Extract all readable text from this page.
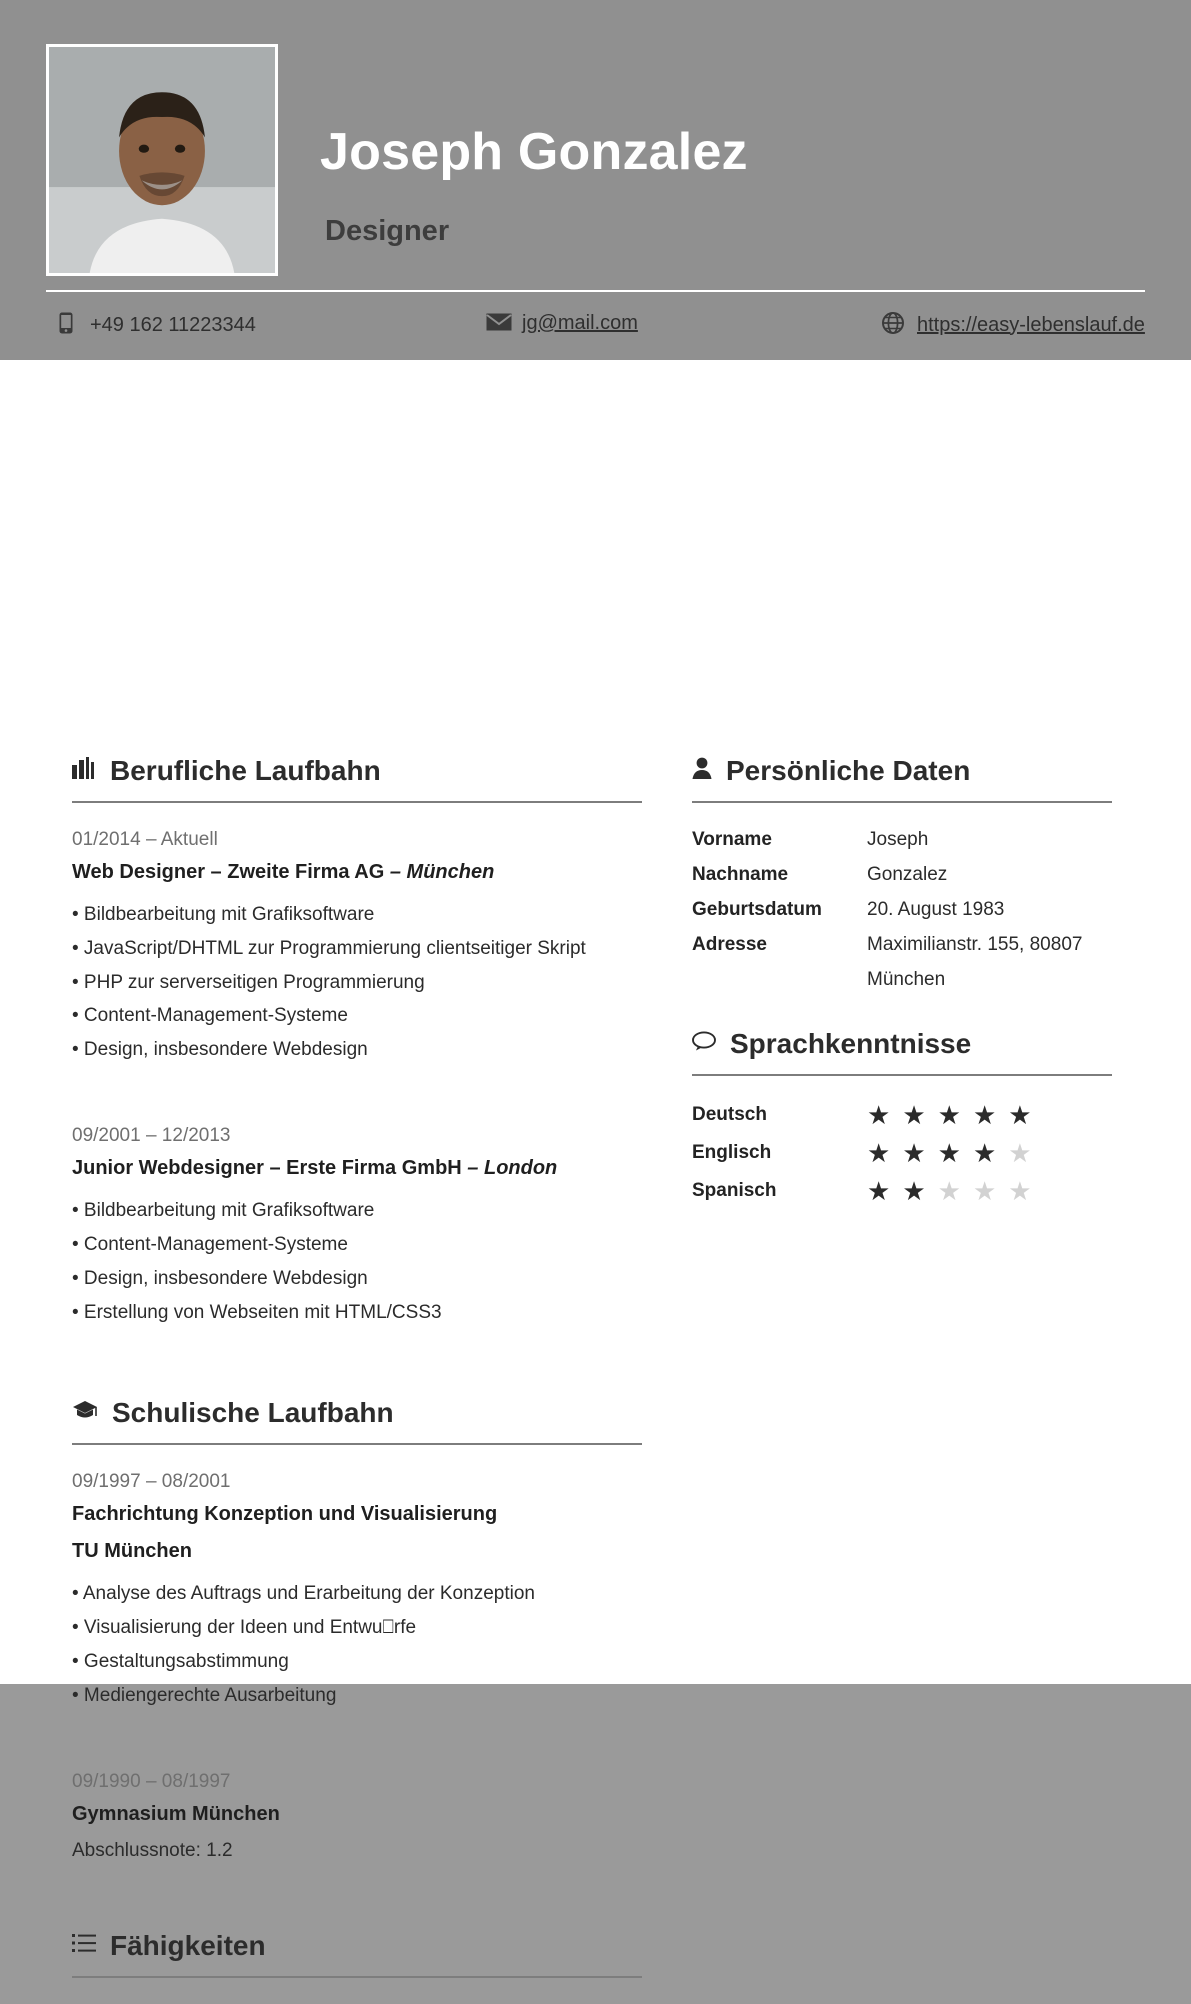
Joseph Gonzalez
Designer
+49 162 11223344	jg@mail.com	https://easy-lebenslauf.de
Berufliche Laufbahn
01/2014 – Aktuell
Web Designer – Zweite Firma AG – München
• Bildbearbeitung mit Grafiksoftware
• JavaScript/DHTML zur Programmierung clientseitiger Skript
• PHP zur serverseitigen Programmierung
• Content-Management-Systeme
• Design, insbesondere Webdesign
09/2001 – 12/2013
Junior Webdesigner – Erste Firma GmbH – London
• Bildbearbeitung mit Grafiksoftware
• Content-Management-Systeme
• Design, insbesondere Webdesign
• Erstellung von Webseiten mit HTML/CSS3
Schulische Laufbahn
09/1997 – 08/2001
Fachrichtung Konzeption und Visualisierung
TU München
• Analyse des Auftrags und Erarbeitung der Konzeption
• Visualisierung der Ideen und Entwu⎕rfe
• Gestaltungsabstimmung
• Mediengerechte Ausarbeitung
09/1990 – 08/1997
Gymnasium München
Abschlussnote: 1.2
Fähigkeiten
Persönliche Daten
Vorname	Joseph
Nachname	Gonzalez
Geburtsdatum	20. August 1983
Adresse	Maximilianstr. 155, 80807
	München
Sprachkenntnisse
Deutsch	★ ★ ★ ★ ★
Englisch	★ ★ ★ ★ ★
Spanisch	★ ★ ★ ★ ★
